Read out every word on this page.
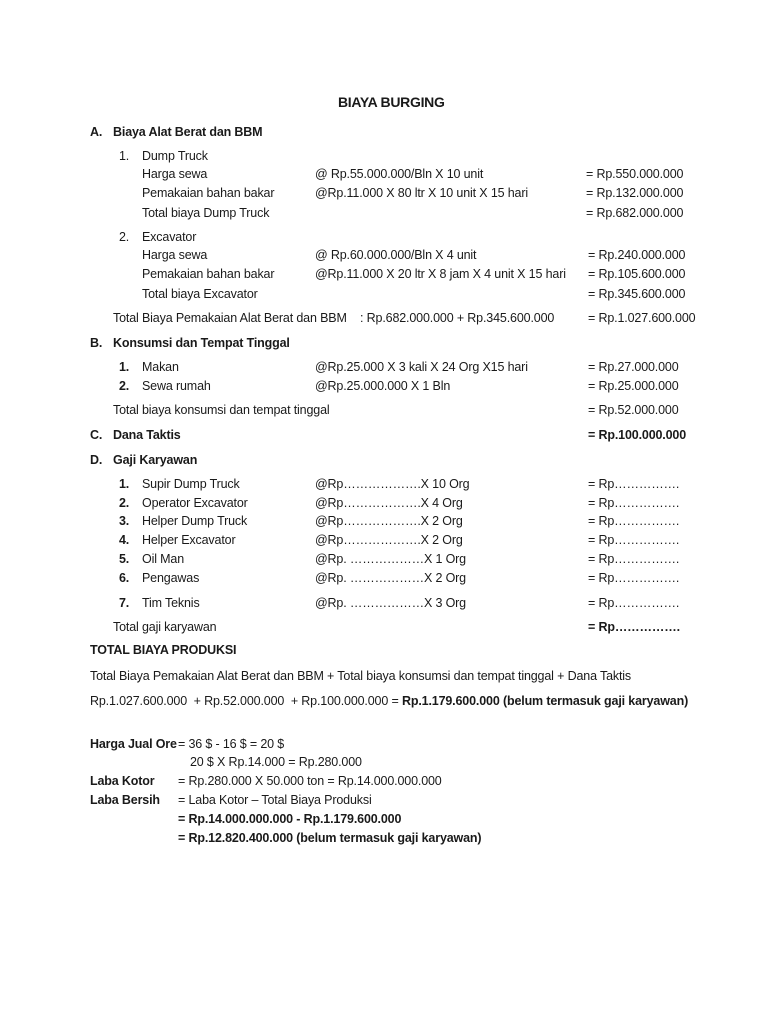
BIAYA BURGING
A. Biaya Alat Berat dan BBM
1. Dump Truck
Harga sewa	@ Rp.55.000.000/Bln X 10 unit	= Rp.550.000.000
Pemakaian bahan bakar	@Rp.11.000 X 80 ltr X 10 unit X 15 hari	= Rp.132.000.000
Total biaya Dump Truck	= Rp.682.000.000
2. Excavator
Harga sewa	@ Rp.60.000.000/Bln X 4 unit	= Rp.240.000.000
Pemakaian bahan bakar	@Rp.11.000 X 20 ltr X 8 jam X 4 unit X 15 hari = Rp.105.600.000
Total biaya Excavator	= Rp.345.600.000
Total Biaya Pemakaian Alat Berat dan BBM : Rp.682.000.000 + Rp.345.600.000	= Rp.1.027.600.000
B. Konsumsi dan Tempat Tinggal
1. Makan	@Rp.25.000 X 3 kali X 24 Org X15 hari	= Rp.27.000.000
2. Sewa rumah	@Rp.25.000.000 X 1 Bln	= Rp.25.000.000
Total biaya konsumsi dan tempat tinggal	= Rp.52.000.000
C. Dana Taktis	= Rp.100.000.000
D. Gaji Karyawan
1. Supir Dump Truck	@Rp……………….X 10 Org	= Rp…………….
2. Operator Excavator	@Rp……………….X 4 Org	= Rp…………….
3. Helper Dump Truck	@Rp……………….X 2 Org	= Rp…………….
4. Helper Excavator	@Rp……………….X 2 Org	= Rp…………….
5. Oil Man	@Rp. ………………X 1 Org	= Rp…………….
6. Pengawas	@Rp. ………………X 2 Org	= Rp…………….
7. Tim Teknis	@Rp. ………………X 3 Org	= Rp…………….
Total gaji karyawan	= Rp…………….
TOTAL BIAYA PRODUKSI
Total Biaya Pemakaian Alat Berat dan BBM + Total biaya konsumsi dan tempat tinggal + Dana Taktis
Rp.1.027.600.000  + Rp.52.000.000  + Rp.100.000.000 = Rp.1.179.600.000 (belum termasuk gaji karyawan)
Harga Jual Ore = 36 $ - 16 $ = 20 $
20 $ X Rp.14.000 = Rp.280.000
Laba Kotor = Rp.280.000 X 50.000 ton = Rp.14.000.000.000
Laba Bersih = Laba Kotor – Total Biaya Produksi
= Rp.14.000.000.000 - Rp.1.179.600.000
= Rp.12.820.400.000 (belum termasuk gaji karyawan)
